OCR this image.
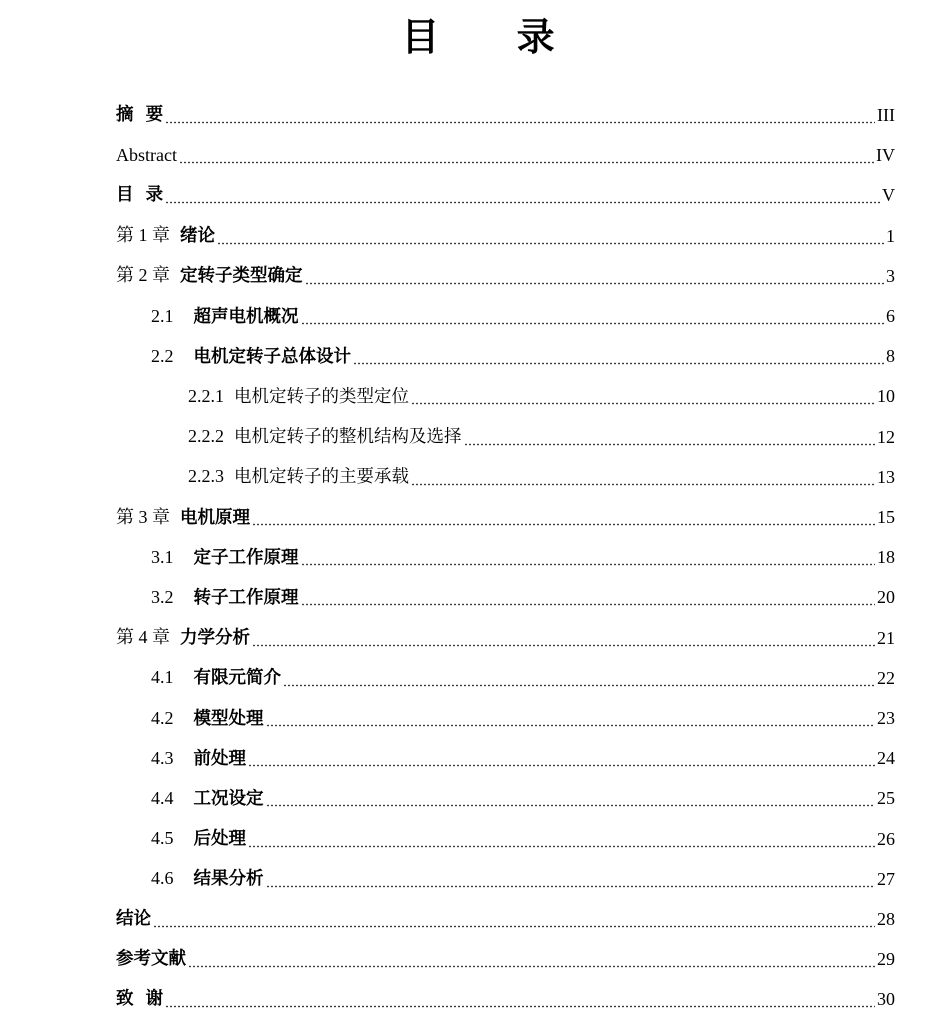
目 录
摘  要	III
Abstract	IV
目  录	V
第 1 章 绪论	1
第 2 章 定转子类型确定	3
2.1 超声电机概况	6
2.2 电机定转子总体设计	8
2.2.1 电机定转子的类型定位	10
2.2.2 电机定转子的整机结构及选择	12
2.2.3 电机定转子的主要承载	13
第 3 章 电机原理	15
3.1 定子工作原理	18
3.2 转子工作原理	20
第 4 章 力学分析	21
4.1 有限元简介	22
4.2 模型处理	23
4.3 前处理	24
4.4 工况设定	25
4.5 后处理	26
4.6 结果分析	27
结论	28
参考文献	29
致  谢	30
